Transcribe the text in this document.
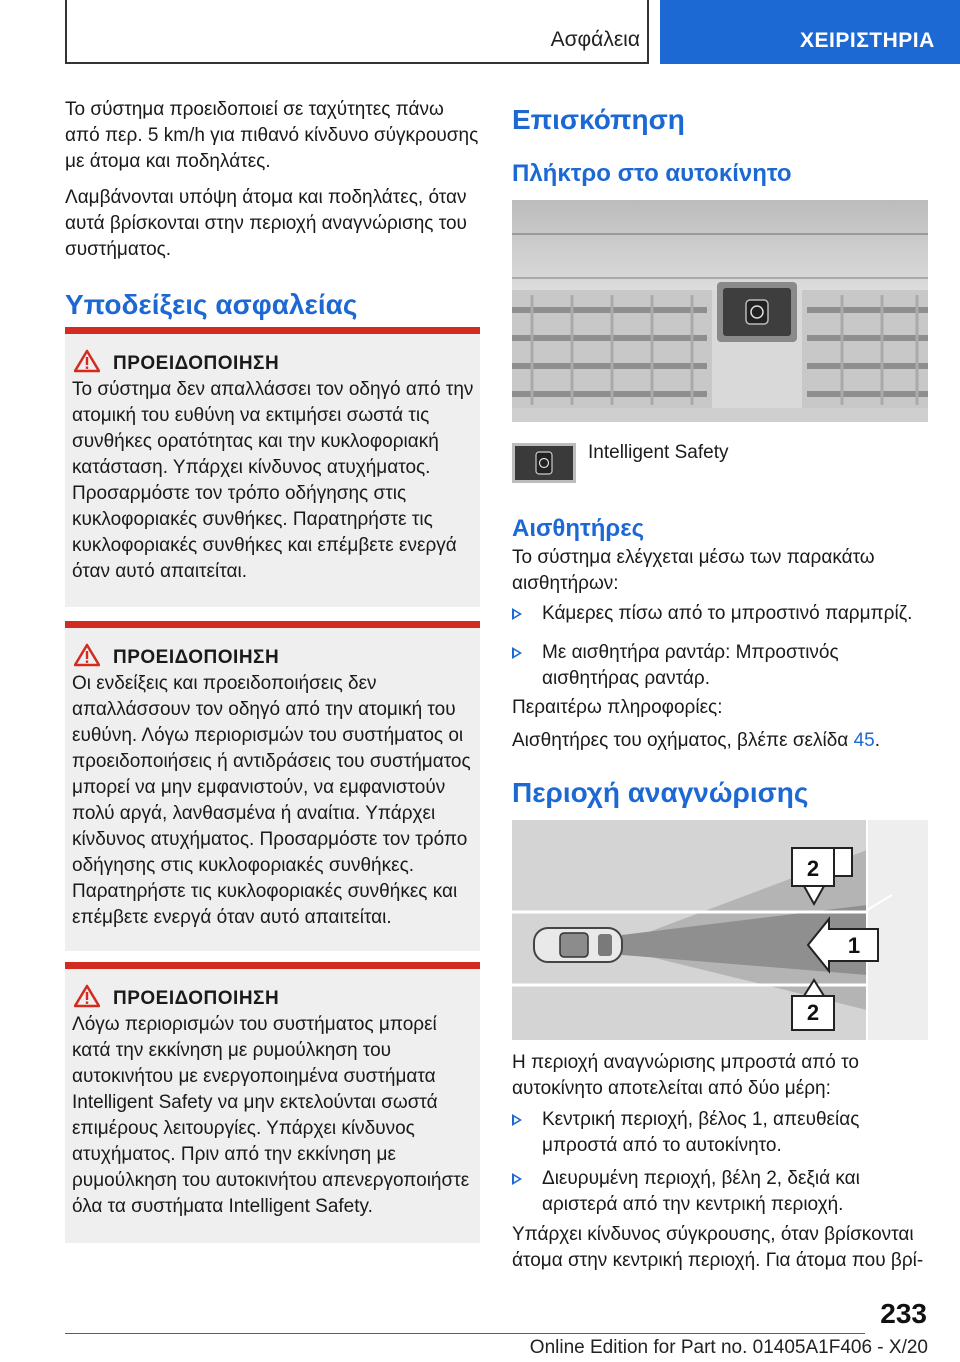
Ασφάλεια	ΧΕΙΡΙΣΤΗΡΙΑ
Το σύστημα προειδοποιεί σε ταχύτητες πάνω από περ. 5 km/h για πιθανό κίνδυνο σύγκρουσης με άτομα και ποδηλάτες.
Λαμβάνονται υπόψη άτομα και ποδηλάτες, όταν αυτά βρίσκονται στην περιοχή αναγνώρισης του συστήματος.
Υποδείξεις ασφαλείας
ΠΡΟΕΙΔΟΠΟΙΗΣΗ
Το σύστημα δεν απαλλάσσει τον οδηγό από την ατομική του ευθύνη να εκτιμήσει σωστά τις συνθήκες ορατότητας και την κυκλοφοριακή κατάσταση. Υπάρχει κίνδυνος ατυχήματος. Προσαρμόστε τον τρόπο οδήγησης στις κυκλοφοριακές συνθήκες. Παρατηρήστε τις κυκλοφοριακές συνθήκες και επέμβετε ενεργά όταν αυτό απαιτείται.
ΠΡΟΕΙΔΟΠΟΙΗΣΗ
Οι ενδείξεις και προειδοποιήσεις δεν απαλλάσσουν τον οδηγό από την ατομική του ευθύνη. Λόγω περιορισμών του συστήματος οι προειδοποιήσεις ή αντιδράσεις του συστήματος μπορεί να μην εμφανιστούν, να εμφανιστούν πολύ αργά, λανθασμένα ή αναίτια. Υπάρχει κίνδυνος ατυχήματος. Προσαρμόστε τον τρόπο οδήγησης στις κυκλοφοριακές συνθήκες. Παρατηρήστε τις κυκλοφοριακές συνθήκες και επέμβετε ενεργά όταν αυτό απαιτείται.
ΠΡΟΕΙΔΟΠΟΙΗΣΗ
Λόγω περιορισμών του συστήματος μπορεί κατά την εκκίνηση με ρυμούλκηση του αυτοκινήτου με ενεργοποιημένα συστήματα Intelligent Safety να μην εκτελούνται σωστά επιμέρους λειτουργίες. Υπάρχει κίνδυνος ατυχήματος. Πριν από την εκκίνηση με ρυμούλκηση του αυτοκινήτου απενεργοποιήστε όλα τα συστήματα Intelligent Safety.
Επισκόπηση
Πλήκτρο στο αυτοκίνητο
Intelligent Safety
Αισθητήρες
Το σύστημα ελέγχεται μέσω των παρακάτω αισθητήρων:
Κάμερες πίσω από το μπροστινό παρμπρίζ.
Με αισθητήρα ραντάρ: Μπροστινός αισθητήρας ραντάρ.
Περαιτέρω πληροφορίες:
Αισθητήρες του οχήματος, βλέπε σελίδα 45.
Περιοχή αναγνώρισης
2
1
2
Η περιοχή αναγνώρισης μπροστά από το αυτοκίνητο αποτελείται από δύο μέρη:
Κεντρική περιοχή, βέλος 1, απευθείας μπροστά από το αυτοκίνητο.
Διευρυμένη περιοχή, βέλη 2, δεξιά και αριστερά από την κεντρική περιοχή.
Υπάρχει κίνδυνος σύγκρουσης, όταν βρίσκονται άτομα στην κεντρική περιοχή. Για άτομα που βρί-
233
Online Edition for Part no. 01405A1F406 - X/20
